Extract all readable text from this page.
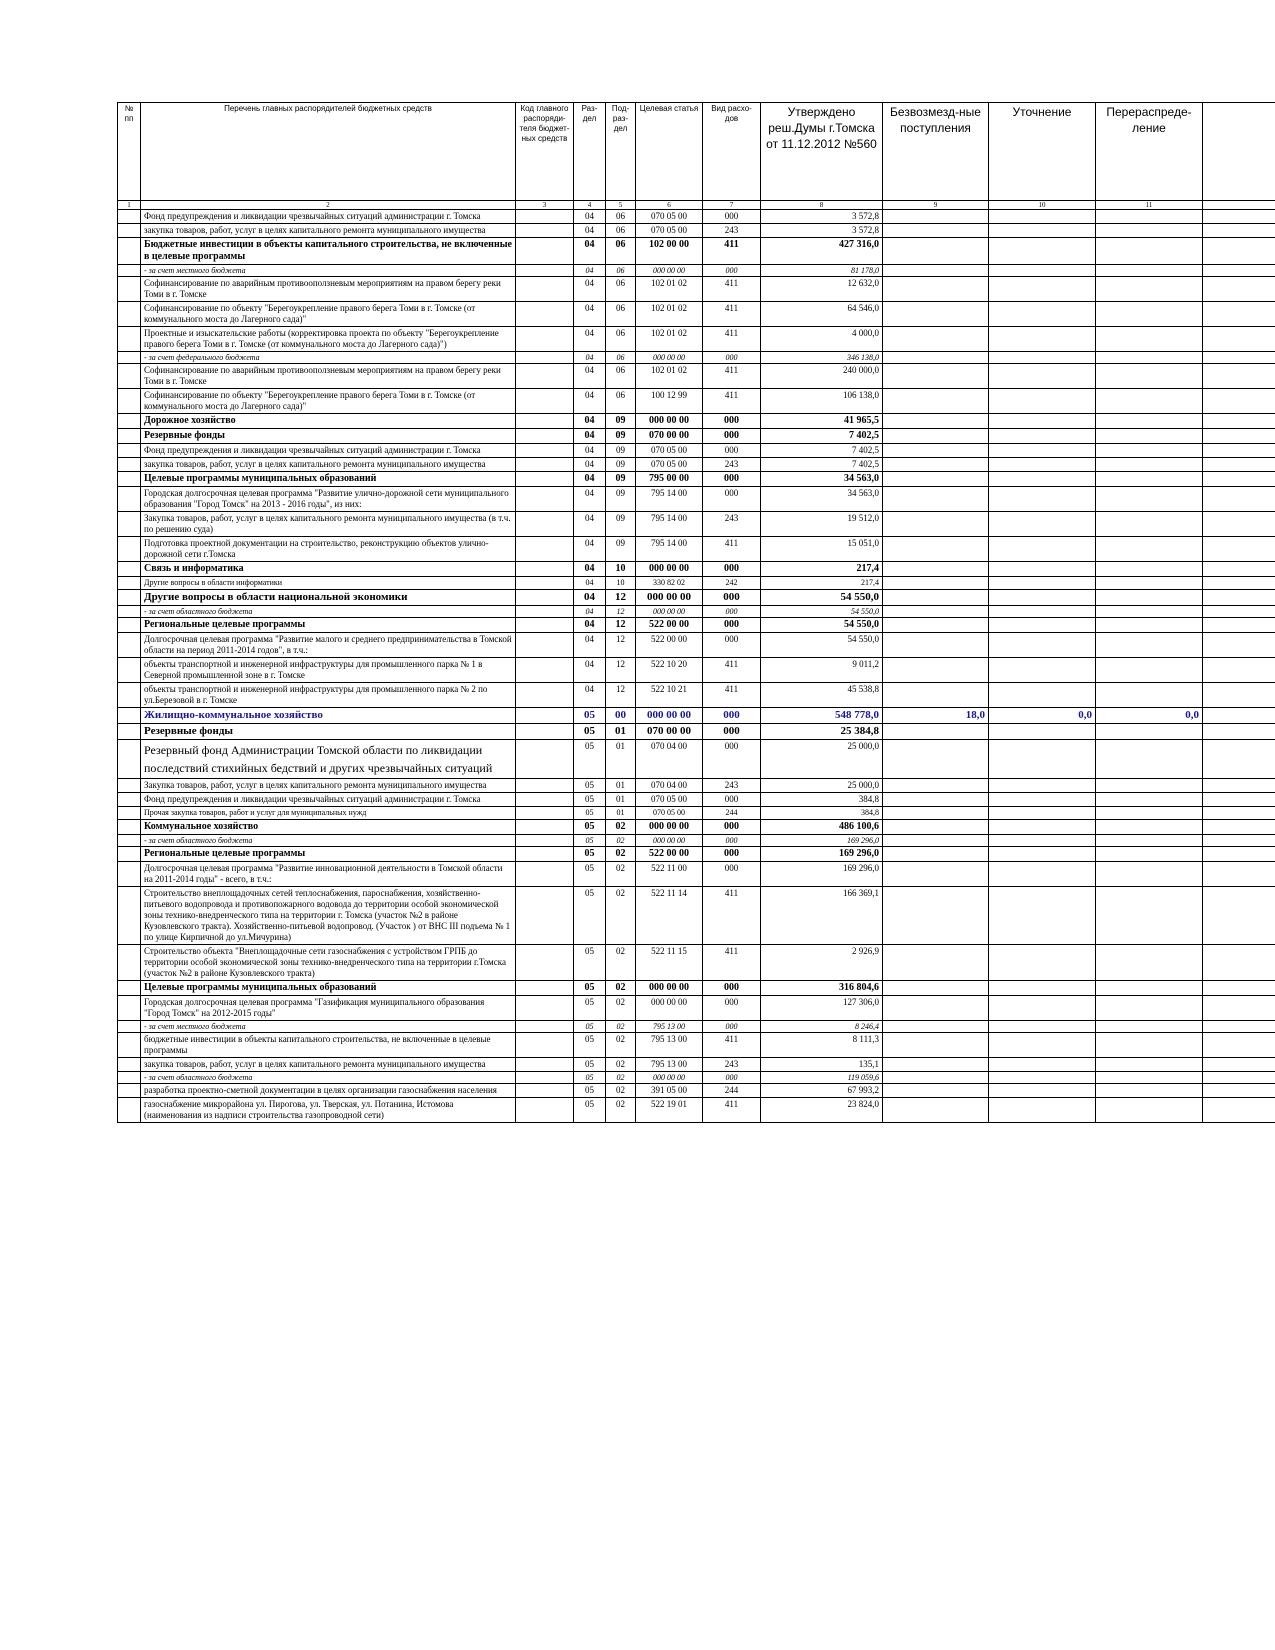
№ пп	Перечень главных распорядителей бюджетных средств	Код главного распоряди-теля бюджет-ных средств	Раз-дел	Под-раз-дел	Целевая статья	Вид расхо-дов	Утверждено реш.Думы г.Томска от 11.12.2012 №560	Безвозмезд-ные поступления	Уточнение	Перераспреде-ление	
1	2	3	4	5	6	7	8	9	10	11	
	Фонд предупреждения и ликвидации чрезвычайных ситуаций администрации г. Томска		04	06	070 05 00	000	3 572,8				
	закупка товаров, работ, услуг в целях капитального ремонта муниципального имущества		04	06	070 05 00	243	3 572,8				
	Бюджетные инвестиции в объекты капитального строительства, не включенные в целевые программы		04	06	102 00 00	411	427 316,0				
	- за счет местного бюджета		04	06	000 00 00	000	81 178,0				
	Софинансирование по аварийным противооползневым мероприятиям на правом берегу реки Томи в г. Томске		04	06	102 01 02	411	12 632,0				
	Софинансирование по объекту "Берегоукрепление правого берега Томи в г. Томске (от коммунального моста до Лагерного сада)"		04	06	102 01 02	411	64 546,0				
	Проектные и изыскательские работы (корректировка проекта по объекту "Берегоукрепление правого берега Томи в г. Томске (от коммунального моста до Лагерного сада)")		04	06	102 01 02	411	4 000,0				
	- за счет федерального бюджета		04	06	000 00 00	000	346 138,0				
	Софинансирование по аварийным противооползневым мероприятиям на правом берегу реки Томи в г. Томске		04	06	102 01 02	411	240 000,0				
	Софинансирование по объекту "Берегоукрепление правого берега Томи в г. Томске (от коммунального моста до Лагерного сада)"		04	06	100 12 99	411	106 138,0				
	Дорожное хозяйство		04	09	000 00 00	000	41 965,5				
	Резервные фонды		04	09	070 00 00	000	7 402,5				
	Фонд предупреждения и ликвидации чрезвычайных ситуаций администрации г. Томска		04	09	070 05 00	000	7 402,5				
	закупка товаров, работ, услуг в целях капитального ремонта муниципального имущества		04	09	070 05 00	243	7 402,5				
	Целевые программы муниципальных образований		04	09	795 00 00	000	34 563,0				
	Городская долгосрочная целевая программа "Развитие улично-дорожной сети муниципального образования "Город Томск" на 2013 - 2016 годы", из них:		04	09	795 14 00	000	34 563,0				
	Закупка товаров, работ, услуг в целях капитального ремонта муниципального имущества (в т.ч. по решению суда)		04	09	795 14 00	243	19 512,0				
	Подготовка проектной документации на строительство, реконструкцию объектов улично-дорожной сети г.Томска		04	09	795 14 00	411	15 051,0				
	Связь и информатика		04	10	000 00 00	000	217,4				
	Другие вопросы в области информатики		04	10	330 82 02	242	217,4				
	Другие вопросы в области национальной экономики		04	12	000 00 00	000	54 550,0				
	- за счет областного бюджета		04	12	000 00 00	000	54 550,0				
	Региональные целевые программы		04	12	522 00 00	000	54 550,0				
	Долгосрочная целевая программа "Развитие малого и среднего предпринимательства в Томской области на период 2011-2014 годов", в т.ч.:		04	12	522 00 00	000	54 550,0				
	объекты транспортной и инженерной инфраструктуры для промышленного парка № 1 в Северной промышленной зоне в г. Томске		04	12	522 10 20	411	9 011,2				
	объекты транспортной и инженерной инфраструктуры для промышленного парка № 2 по ул.Березовой в г. Томске		04	12	522 10 21	411	45 538,8				
	Жилищно-коммунальное хозяйство		05	00	000 00 00	000	548 778,0	18,0	0,0	0,0	
	Резервные фонды		05	01	070 00 00	000	25 384,8				
	Резервный фонд Администрации Томской области по ликвидации последствий стихийных бедствий и других чрезвычайных ситуаций		05	01	070 04 00	000	25 000,0				
	Закупка товаров, работ, услуг в целях капитального ремонта муниципального имущества		05	01	070 04 00	243	25 000,0				
	Фонд предупреждения и ликвидации чрезвычайных ситуаций администрации г. Томска		05	01	070 05 00	000	384,8				
	Прочая закупка товаров, работ и услуг для муниципальных нужд		05	01	070 05 00	244	384,8				
	Коммунальное хозяйство		05	02	000 00 00	000	486 100,6				
	- за счет областного бюджета		05	02	000 00 00	000	169 296,0				
	Региональные целевые программы		05	02	522 00 00	000	169 296,0				
	Долгосрочная целевая программа "Развитие инновационной деятельности в Томской области на 2011-2014 годы" - всего, в т.ч.:		05	02	522 11 00	000	169 296,0				
	Строительство внеплощадочных сетей теплоснабжения, пароснабжения, хозяйственно-питьевого водопровода и противопожарного водовода до территории особой экономической зоны технико-внедренческого типа на территории г. Томска (участок №2 в районе Кузовлевского тракта). Хозяйственно-питьевой водопровод. (Участок ) от ВНС III подъема № 1 по улице Кирпичной до ул.Мичурина)		05	02	522 11 14	411	166 369,1				
	Строительство объекта "Внеплощадочные сети газоснабжения с устройством ГРПБ до территории особой экономической зоны технико-внедренческого типа на территории г.Томска (участок №2 в районе Кузовлевского тракта)		05	02	522 11 15	411	2 926,9				
	Целевые программы муниципальных образований		05	02	000 00 00	000	316 804,6				
	Городская долгосрочная целевая программа "Газификация муниципального образования "Город Томск" на 2012-2015 годы"		05	02	000 00 00	000	127 306,0				
	- за счет местного бюджета		05	02	795 13 00	000	8 246,4				
	бюджетные инвестиции в объекты капитального строительства, не включенные в целевые программы		05	02	795 13 00	411	8 111,3				
	закупка товаров, работ, услуг в целях капитального ремонта муниципального имущества		05	02	795 13 00	243	135,1				
	- за счет областного бюджета		05	02	000 00 00	000	119 059,6				
	разработка проектно-сметной документации в целях организации газоснабжения населения		05	02	391 05 00	244	67 993,2				
	газоснабжение микрорайона ул. Пирогова, ул. Тверская, ул. Потанина, Истомова (наименования из надписи строительства газопроводной сети)		05	02	522 19 01	411	23 824,0				
